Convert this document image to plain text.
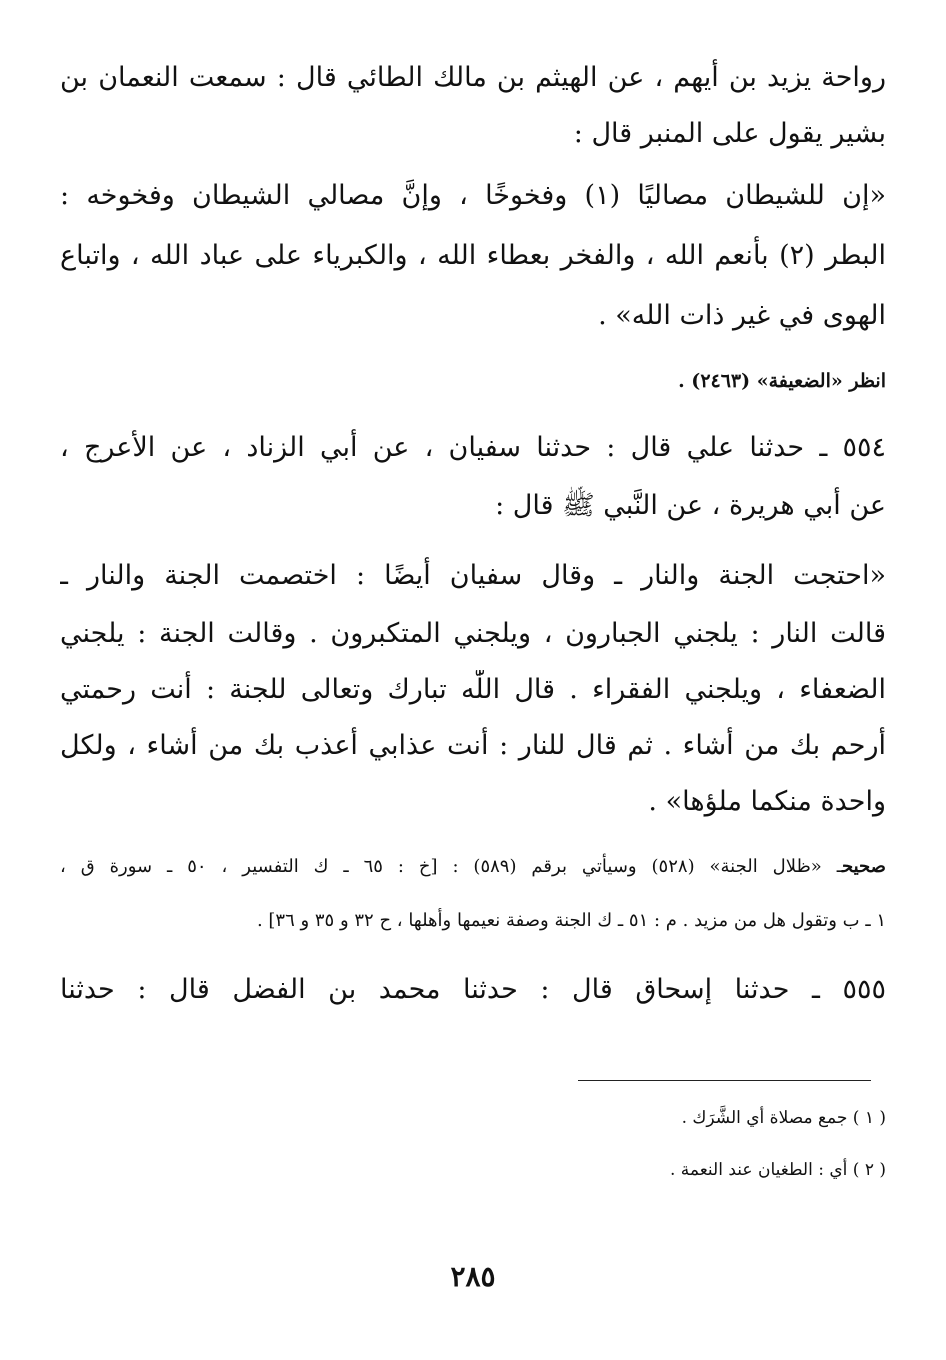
رواحة يزيد بن أيهم ، عن الهيثم بن مالك الطائي قال : سمعت النعمان بن
بشير يقول على المنبر قال :
«إن للشيطان مصاليًا (١) وفخوخًا ، وإنَّ مصالي الشيطان وفخوخه :
البطر (٢) بأنعم الله ، والفخر بعطاء الله ، والكبرياء على عباد الله ، واتباع
الهوى في غير ذات الله» .
انظر «الضعيفة» (٢٤٦٣) .
٥٥٤ ـ حدثنا علي قال : حدثنا سفيان ، عن أبي الزناد ، عن الأعرج ،
عن أبي هريرة ، عن النَّبي ﷺ قال :
«احتجت الجنة والنار ـ وقال سفيان أيضًا : اختصمت الجنة والنار ـ
قالت النار : يلجني الجبارون ، ويلجني المتكبرون . وقالت الجنة : يلجني
الضعفاء ، ويلجني الفقراء . قال اللّٰه تبارك وتعالى للجنة : أنت رحمتي
أرحم بك من أشاء . ثم قال للنار : أنت عذابي أعذب بك من أشاء ، ولكل
واحدة منكما ملؤها» .
صحيحـ «ظلال الجنة» (٥٢٨) وسيأتي برقم (٥٨٩) : [خ : ٦٥ ـ ك التفسير ، ٥٠ ـ سورة ق ،
١ ـ ب وتقول هل من مزيد . م : ٥١ ـ ك الجنة وصفة نعيمها وأهلها ، ح ٣٢ و ٣٥ و ٣٦] .
٥٥٥ ـ حدثنا إسحاق قال : حدثنا محمد بن الفضل قال : حدثنا
( ١ ) جمع مصلاة أي الشَّرَك .
( ٢ ) أي : الطغيان عند النعمة .
٢٨٥
